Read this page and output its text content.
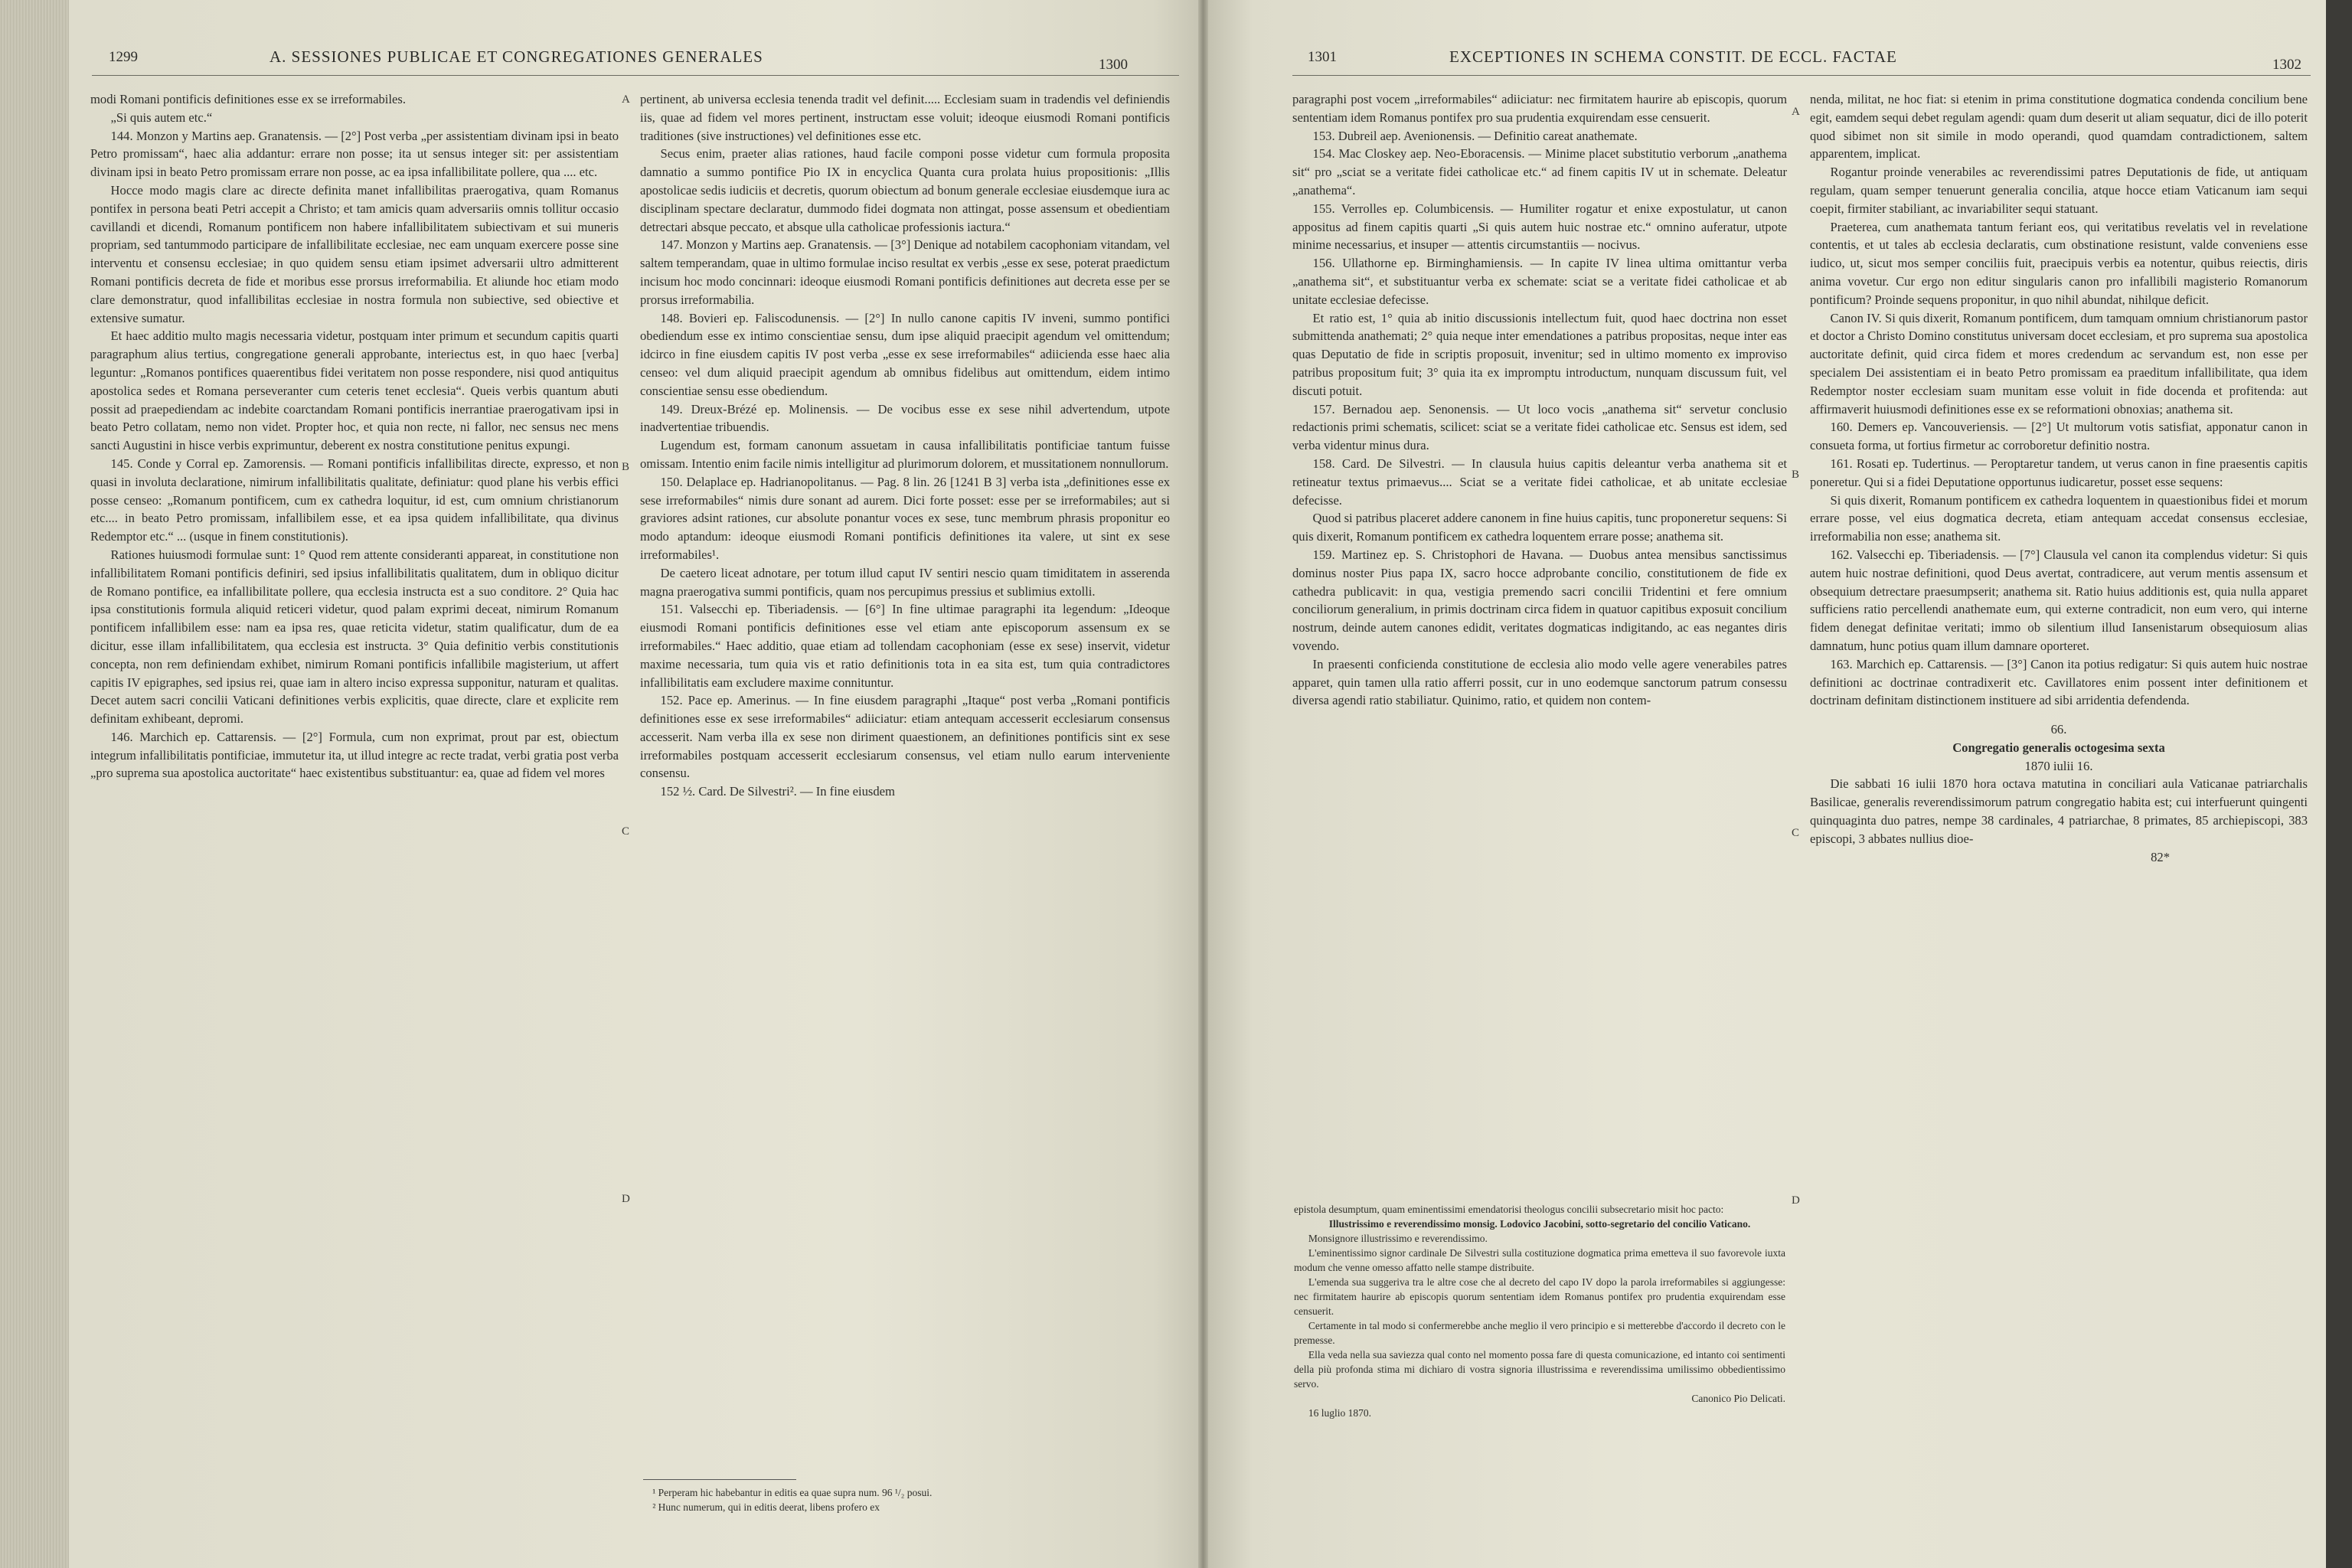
1299	A. SESSIONES PUBLICAE ET CONGREGATIONES GENERALES	1300

modi Romani pontificis definitiones esse ex se irreformabiles.

„Si quis autem etc.“

144. Monzon y Martins aep. Granatensis. — [2°] Post verba „per assistentiam divinam ipsi in beato Petro promissam“, haec alia addantur: errare non posse; ita ut sensus integer sit: per assistentiam divinam ipsi in beato Petro promissam errare non posse, ac ea ipsa infallibilitate pollere, qua .... etc.

Hocce modo magis clare ac directe definita manet infallibilitas praerogativa, quam Romanus pontifex in persona beati Petri accepit a Christo; et tam amicis quam adversariis omnis tollitur occasio cavillandi et dicendi, Romanum pontificem non habere infallibilitatem subiectivam et sui muneris propriam, sed tantummodo participare de infallibilitate ecclesiae, nec eam unquam exercere posse sine interventu et consensu ecclesiae; in quo quidem sensu etiam ipsimet adversarii ultro admitterent Romani pontificis decreta de fide et moribus esse prorsus irreformabilia. Et aliunde hoc etiam modo clare demonstratur, quod infallibilitas ecclesiae in nostra formula non subiective, sed obiective et extensive sumatur.

Et haec additio multo magis necessaria videtur, postquam inter primum et secundum capitis quarti paragraphum alius tertius, congregatione generali approbante, interiectus est, in quo haec [verba] leguntur: „Romanos pontifices quaerentibus fidei veritatem non posse respondere, nisi quod antiquitus apostolica sedes et Romana perseveranter cum ceteris tenet ecclesia“. Queis verbis quantum abuti possit ad praepediendam ac indebite coarctandam Romani pontificis inerrantiae praerogativam ipsi in beato Petro collatam, nemo non videt. Propter hoc, et quia non recte, ni fallor, nec sensus nec mens sancti Augustini in hisce verbis exprimuntur, deberent ex nostra constitutione penitus expungi.

145. Conde y Corral ep. Zamorensis. — Romani pontificis infallibilitas directe, expresso, et non quasi in involuta declaratione, nimirum infallibilitatis qualitate, definiatur: quod plane his verbis effici posse censeo: „Romanum pontificem, cum ex cathedra loquitur, id est, cum omnium christianorum etc.... in beato Petro promissam, infallibilem esse, et ea ipsa quidem infallibilitate, qua divinus Redemptor etc.“ ... (usque in finem constitutionis).

Rationes huiusmodi formulae sunt: 1° Quod rem attente consideranti appareat, in constitutione non infallibilitatem Romani pontificis definiri, sed ipsius infallibilitatis qualitatem, dum in obliquo dicitur de Romano pontifice, ea infallibilitate pollere, qua ecclesia instructa est a suo conditore. 2° Quia hac ipsa constitutionis formula aliquid reticeri videtur, quod palam exprimi deceat, nimirum Romanum pontificem infallibilem esse: nam ea ipsa res, quae reticita videtur, statim qualificatur, dum de ea dicitur, esse illam infallibilitatem, qua ecclesia est instructa. 3° Quia definitio verbis constitutionis concepta, non rem definiendam exhibet, nimirum Romani pontificis infallibile magisterium, ut affert capitis IV epigraphes, sed ipsius rei, quae iam in altero inciso expressa supponitur, naturam et qualitas. Decet autem sacri concilii Vaticani definitiones verbis explicitis, quae directe, clare et explicite rem definitam exhibeant, depromi.

146. Marchich ep. Cattarensis. — [2°] Formula, cum non exprimat, prout par est, obiectum integrum infallibilitatis pontificiae, immutetur ita, ut illud integre ac recte tradat, verbi gratia post verba „pro suprema sua apostolica auctoritate“ haec existentibus substituantur: ea, quae ad fidem vel mores

A
B
C
D

pertinent, ab universa ecclesia tenenda tradit vel definit..... Ecclesiam suam in tradendis vel definiendis iis, quae ad fidem vel mores pertinent, instructam esse voluit; ideoque eiusmodi Romani pontificis traditiones (sive instructiones) vel definitiones esse etc.

Secus enim, praeter alias rationes, haud facile componi posse videtur cum formula proposita damnatio a summo pontifice Pio IX in encyclica Quanta cura prolata huius propositionis: „Illis apostolicae sedis iudiciis et decretis, quorum obiectum ad bonum generale ecclesiae eiusdemque iura ac disciplinam spectare declaratur, dummodo fidei dogmata non attingat, posse assensum et obedientiam detrectari absque peccato, et absque ulla catholicae professionis iactura.“

147. Monzon y Martins aep. Granatensis. — [3°] Denique ad notabilem cacophoniam vitandam, vel saltem temperandam, quae in ultimo formulae inciso resultat ex verbis „esse ex sese, poterat praedictum incisum hoc modo concinnari: ideoque eiusmodi Romani pontificis definitiones aut decreta esse per se prorsus irreformabilia.

148. Bovieri ep. Faliscodunensis. — [2°] In nullo canone capitis IV inveni, summo pontifici obediendum esse ex intimo conscientiae sensu, dum ipse aliquid praecipit agendum vel omittendum; idcirco in fine eiusdem capitis IV post verba „esse ex sese irreformabiles“ adiicienda esse haec alia censeo: vel dum aliquid praecipit agendum ab omnibus fidelibus aut omittendum, eidem intimo conscientiae sensu esse obediendum.

149. Dreux-Brézé ep. Molinensis. — De vocibus esse ex sese nihil advertendum, utpote inadvertentiae tribuendis.

Lugendum est, formam canonum assuetam in causa infallibilitatis pontificiae tantum fuisse omissam. Intentio enim facile nimis intelligitur ad plurimorum dolorem, et mussitationem nonnullorum.

150. Delaplace ep. Hadrianopolitanus. — Pag. 8 lin. 26 [1241 B 3] verba ista „definitiones esse ex sese irreformabiles“ nimis dure sonant ad aurem. Dici forte posset: esse per se irreformabiles; aut si graviores adsint rationes, cur absolute ponantur voces ex sese, tunc membrum phrasis proponitur eo modo aptandum: ideoque eiusmodi Romani pontificis definitiones ita valere, ut sint ex sese irreformabiles¹.

De caetero liceat adnotare, per totum illud caput IV sentiri nescio quam timiditatem in asserenda magna praerogativa summi pontificis, quam nos percupimus pressius et sublimius extolli.

151. Valsecchi ep. Tiberiadensis. — [6°] In fine ultimae paragraphi ita legendum: „Ideoque eiusmodi Romani pontificis definitiones esse vel etiam ante episcoporum assensum ex se irreformabiles.“ Haec additio, quae etiam ad tollendam cacophoniam (esse ex sese) inservit, videtur maxime necessaria, tum quia vis et ratio definitionis tota in ea sita est, tum quia contradictores infallibilitatis eam excludere maxime connituntur.

152. Pace ep. Amerinus. — In fine eiusdem paragraphi „Itaque“ post verba „Romani pontificis definitiones esse ex sese irreformabiles“ adiiciatur: etiam antequam accesserit ecclesiarum consensus accesserit. Nam verba illa ex sese non diriment quaestionem, an definitiones pontificis sint ex sese irreformabiles postquam accesserit ecclesiarum consensus, vel etiam nullo earum interveniente consensu.

152 ½. Card. De Silvestri². — In fine eiusdem

¹ Perperam hic habebantur in editis ea quae supra num. 96 ¹/₂ posui.

² Hunc numerum, qui in editis deerat, libens profero ex

1301	EXCEPTIONES IN SCHEMA CONSTIT. DE ECCL. FACTAE	1302

paragraphi post vocem „irreformabiles“ adiiciatur: nec firmitatem haurire ab episcopis, quorum sententiam idem Romanus pontifex pro sua prudentia exquirendam esse censuerit.

153. Dubreil aep. Avenionensis. — Definitio careat anathemate.

154. Mac Closkey aep. Neo-Eboracensis. — Minime placet substitutio verborum „anathema sit“ pro „sciat se a veritate fidei catholicae etc.“ ad finem capitis IV ut in schemate. Deleatur „anathema“.

155. Verrolles ep. Columbicensis. — Humiliter rogatur et enixe expostulatur, ut canon appositus ad finem capitis quarti „Si quis autem huic nostrae etc.“ omnino auferatur, utpote minime necessarius, et insuper — attentis circumstantiis — nocivus.

156. Ullathorne ep. Birminghamiensis. — In capite IV linea ultima omittantur verba „anathema sit“, et substituantur verba ex schemate: sciat se a veritate fidei catholicae et ab unitate ecclesiae defecisse.

Et ratio est, 1° quia ab initio discussionis intellectum fuit, quod haec doctrina non esset submittenda anathemati; 2° quia neque inter emendationes a patribus propositas, neque inter eas quas Deputatio de fide in scriptis proposuit, invenitur; sed in ultimo momento ex improviso patribus propositum fuit; 3° quia ita ex impromptu introductum, nunquam discussum fuit, vel discuti potuit.

157. Bernadou aep. Senonensis. — Ut loco vocis „anathema sit“ servetur conclusio redactionis primi schematis, scilicet: sciat se a veritate fidei catholicae etc. Sensus est idem, sed verba videntur minus dura.

158. Card. De Silvestri. — In clausula huius capitis deleantur verba anathema sit et retineatur textus primaevus.... Sciat se a veritate fidei catholicae, et ab unitate ecclesiae defecisse.

Quod si patribus placeret addere canonem in fine huius capitis, tunc proponeretur sequens: Si quis dixerit, Romanum pontificem ex cathedra loquentem errare posse; anathema sit.

159. Martinez ep. S. Christophori de Havana. — Duobus antea mensibus sanctissimus dominus noster Pius papa IX, sacro hocce adprobante concilio, constitutionem de fide ex cathedra publicavit: in qua, vestigia premendo sacri concilii Tridentini et fere omnium conciliorum generalium, in primis doctrinam circa fidem in quatuor capitibus exposuit concilium nostrum, deinde autem canones edidit, veritates dogmaticas indigitando, ac eas negantes diris vovendo.

In praesenti conficienda constitutione de ecclesia alio modo velle agere venerabiles patres apparet, quin tamen ulla ratio afferri possit, cur in uno eodemque sanctorum patrum consessu diversa agendi ratio stabiliatur. Quinimo, ratio, et quidem non contem-

epistola desumptum, quam eminentissimi emendatorisi theologus concilii subsecretario misit hoc pacto:

Illustrissimo e reverendissimo monsig. Lodovico Jacobini, sotto-segretario del concilio Vaticano.

Monsignore illustrissimo e reverendissimo.

L'eminentissimo signor cardinale De Silvestri sulla costituzione dogmatica prima emetteva il suo favorevole iuxta modum che venne omesso affatto nelle stampe distribuite.

L'emenda sua suggeriva tra le altre cose che al decreto del capo IV dopo la parola irreformabiles si aggiungesse: nec firmitatem haurire ab episcopis quorum sententiam idem Romanus pontifex pro prudentia exquirendam esse censuerit.

Certamente in tal modo si confermerebbe anche meglio il vero principio e si metterebbe d'accordo il decreto con le premesse.

Ella veda nella sua saviezza qual conto nel momento possa fare di questa comunicazione, ed intanto coi sentimenti della più profonda stima mi dichiaro di vostra signoria illustrissima e reverendissima umilissimo obbedientissimo servo.

Canonico Pio Delicati.

16 luglio 1870.

A
B
C
D

nenda, militat, ne hoc fiat: si etenim in prima constitutione dogmatica condenda concilium bene egit, eamdem sequi debet regulam agendi: quam dum deserit ut aliam sequatur, dici de illo poterit quod sibimet non sit simile in modo operandi, quod quamdam contradictionem, saltem apparentem, implicat.

Rogantur proinde venerabiles ac reverendissimi patres Deputationis de fide, ut antiquam regulam, quam semper tenuerunt generalia concilia, atque hocce etiam Vaticanum iam sequi coepit, firmiter stabiliant, ac invariabiliter sequi statuant.

Praeterea, cum anathemata tantum feriant eos, qui veritatibus revelatis vel in revelatione contentis, et ut tales ab ecclesia declaratis, cum obstinatione resistunt, valde conveniens esse iudico, ut, sicut mos semper conciliis fuit, praecipuis verbis ea notentur, quibus reiectis, diris anima vovetur. Cur ergo non editur singularis canon pro infallibili magisterio Romanorum pontificum? Proinde sequens proponitur, in quo nihil abundat, nihilque deficit.

Canon IV. Si quis dixerit, Romanum pontificem, dum tamquam omnium christianorum pastor et doctor a Christo Domino constitutus universam docet ecclesiam, et pro suprema sua apostolica auctoritate definit, quid circa fidem et mores credendum ac servandum est, non esse per specialem Dei assistentiam ei in beato Petro promissam ea praeditum infallibilitate, qua idem Redemptor noster ecclesiam suam munitam esse voluit in fide docenda et profitenda: aut affirmaverit huiusmodi definitiones esse ex se reformationi obnoxias; anathema sit.

160. Demers ep. Vancouveriensis. — [2°] Ut multorum votis satisfiat, apponatur canon in consueta forma, ut fortius firmetur ac corroboretur definitio nostra.

161. Rosati ep. Tudertinus. — Peroptaretur tandem, ut verus canon in fine praesentis capitis poneretur. Qui si a fidei Deputatione opportunus iudicaretur, posset esse sequens:

Si quis dixerit, Romanum pontificem ex cathedra loquentem in quaestionibus fidei et morum errare posse, vel eius dogmatica decreta, etiam antequam accedat consensus ecclesiae, irreformabilia non esse; anathema sit.

162. Valsecchi ep. Tiberiadensis. — [7°] Clausula vel canon ita complendus videtur: Si quis autem huic nostrae definitioni, quod Deus avertat, contradicere, aut verum mentis assensum et obsequium detrectare praesumpserit; anathema sit. Ratio huius additionis est, quia nulla apparet sufficiens ratio percellendi anathemate eum, qui externe contradicit, non eum vero, qui interne fidem denegat definitae veritati; immo ob silentium illud Iansenistarum obsequiosum alias damnatum, hunc potius quam illum damnare oporteret.

163. Marchich ep. Cattarensis. — [3°] Canon ita potius redigatur: Si quis autem huic nostrae definitioni ac doctrinae contradixerit etc. Cavillatores enim possent inter definitionem et doctrinam definitam distinctionem instituere ad sibi arridentia defendenda.

66.

Congregatio generalis octogesima sexta

1870 iulii 16.

Die sabbati 16 iulii 1870 hora octava matutina in conciliari aula Vaticanae patriarchalis Basilicae, generalis reverendissimorum patrum congregatio habita est; cui interfuerunt quingenti quinquaginta duo patres, nempe 38 cardinales, 4 patriarchae, 8 primates, 85 archiepiscopi, 383 episcopi, 3 abbates nullius dioe-

82*
